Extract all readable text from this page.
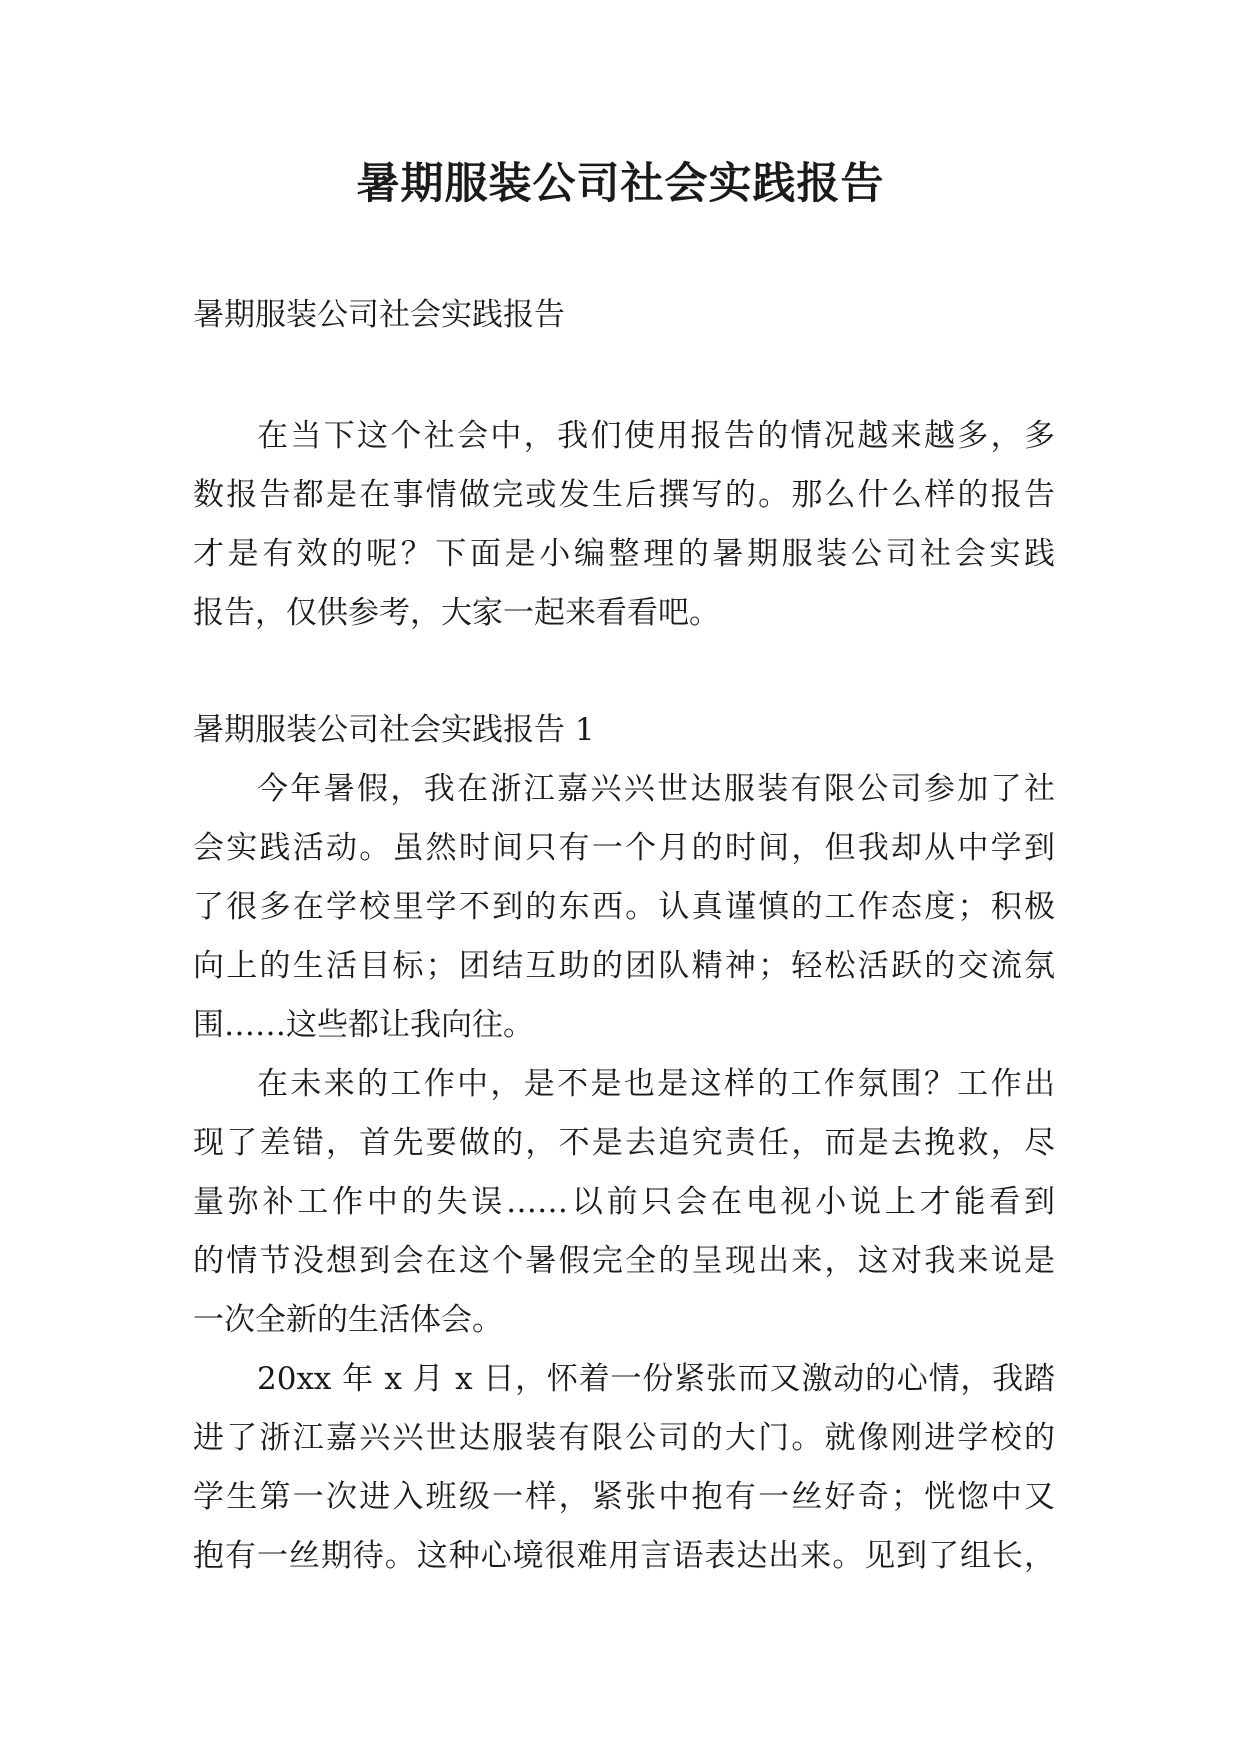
暑期服装公司社会实践报告
暑期服装公司社会实践报告
在当下这个社会中，我们使用报告的情况越来越多，多
数报告都是在事情做完或发生后撰写的。那么什么样的报告
才是有效的呢？下面是小编整理的暑期服装公司社会实践
报告，仅供参考，大家一起来看看吧。
暑期服装公司社会实践报告 1
今年暑假，我在浙江嘉兴兴世达服装有限公司参加了社
会实践活动。虽然时间只有一个月的时间，但我却从中学到
了很多在学校里学不到的东西。认真谨慎的工作态度；积极
向上的生活目标；团结互助的团队精神；轻松活跃的交流氛
围……这些都让我向往。
在未来的工作中，是不是也是这样的工作氛围？工作出
现了差错，首先要做的，不是去追究责任，而是去挽救，尽
量弥补工作中的失误……以前只会在电视小说上才能看到
的情节没想到会在这个暑假完全的呈现出来，这对我来说是
一次全新的生活体会。
20xx 年 x 月 x 日，怀着一份紧张而又激动的心情，我踏
进了浙江嘉兴兴世达服装有限公司的大门。就像刚进学校的
学生第一次进入班级一样，紧张中抱有一丝好奇；恍惚中又
抱有一丝期待。这种心境很难用言语表达出来。见到了组长，
